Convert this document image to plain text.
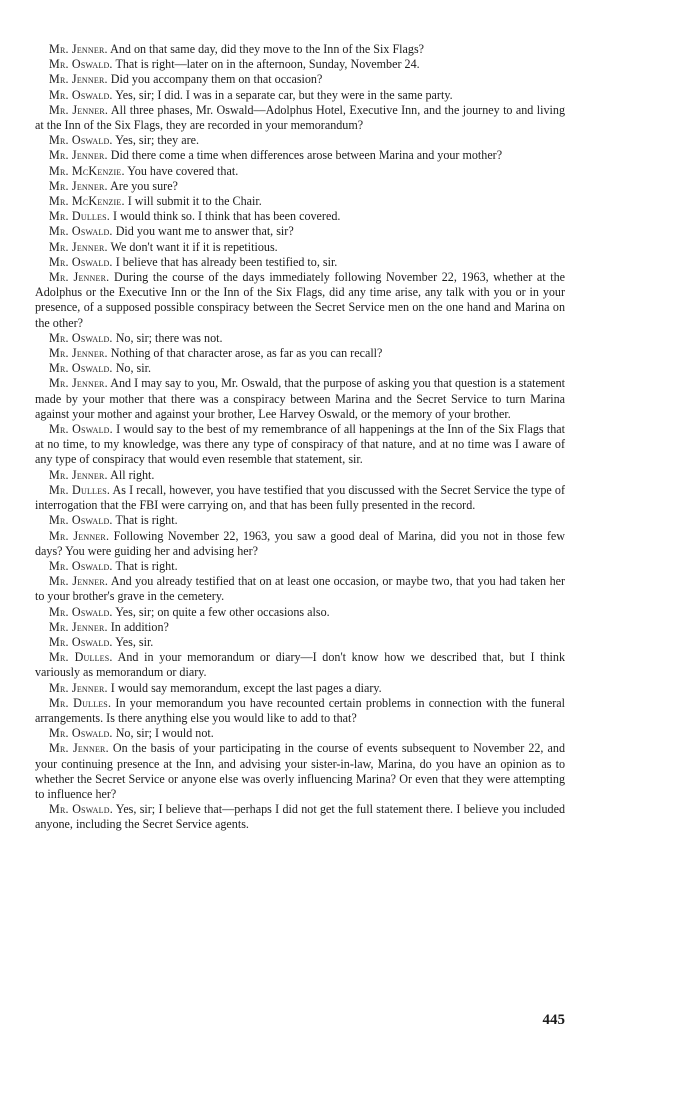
Mr. Jenner. And on that same day, did they move to the Inn of the Six Flags?

Mr. Oswald. That is right—later on in the afternoon, Sunday, November 24.

Mr. Jenner. Did you accompany them on that occasion?

Mr. Oswald. Yes, sir; I did. I was in a separate car, but they were in the same party.

Mr. Jenner. All three phases, Mr. Oswald—Adolphus Hotel, Executive Inn, and the journey to and living at the Inn of the Six Flags, they are recorded in your memorandum?

Mr. Oswald. Yes, sir; they are.

Mr. Jenner. Did there come a time when differences arose between Marina and your mother?

Mr. McKenzie. You have covered that.

Mr. Jenner. Are you sure?

Mr. McKenzie. I will submit it to the Chair.

Mr. Dulles. I would think so. I think that has been covered.

Mr. Oswald. Did you want me to answer that, sir?

Mr. Jenner. We don't want it if it is repetitious.

Mr. Oswald. I believe that has already been testified to, sir.

Mr. Jenner. During the course of the days immediately following November 22, 1963, whether at the Adolphus or the Executive Inn or the Inn of the Six Flags, did any time arise, any talk with you or in your presence, of a supposed possible conspiracy between the Secret Service men on the one hand and Marina on the other?

Mr. Oswald. No, sir; there was not.

Mr. Jenner. Nothing of that character arose, as far as you can recall?

Mr. Oswald. No, sir.

Mr. Jenner. And I may say to you, Mr. Oswald, that the purpose of asking you that question is a statement made by your mother that there was a conspiracy between Marina and the Secret Service to turn Marina against your mother and against your brother, Lee Harvey Oswald, or the memory of your brother.

Mr. Oswald. I would say to the best of my remembrance of all happenings at the Inn of the Six Flags that at no time, to my knowledge, was there any type of conspiracy of that nature, and at no time was I aware of any type of conspiracy that would even resemble that statement, sir.

Mr. Jenner. All right.

Mr. Dulles. As I recall, however, you have testified that you discussed with the Secret Service the type of interrogation that the FBI were carrying on, and that has been fully presented in the record.

Mr. Oswald. That is right.

Mr. Jenner. Following November 22, 1963, you saw a good deal of Marina, did you not in those few days? You were guiding her and advising her?

Mr. Oswald. That is right.

Mr. Jenner. And you already testified that on at least one occasion, or maybe two, that you had taken her to your brother's grave in the cemetery.

Mr. Oswald. Yes, sir; on quite a few other occasions also.

Mr. Jenner. In addition?

Mr. Oswald. Yes, sir.

Mr. Dulles. And in your memorandum or diary—I don't know how we described that, but I think variously as memorandum or diary.

Mr. Jenner. I would say memorandum, except the last pages a diary.

Mr. Dulles. In your memorandum you have recounted certain problems in connection with the funeral arrangements. Is there anything else you would like to add to that?

Mr. Oswald. No, sir; I would not.

Mr. Jenner. On the basis of your participating in the course of events subsequent to November 22, and your continuing presence at the Inn, and advising your sister-in-law, Marina, do you have an opinion as to whether the Secret Service or anyone else was overly influencing Marina? Or even that they were attempting to influence her?

Mr. Oswald. Yes, sir; I believe that—perhaps I did not get the full statement there. I believe you included anyone, including the Secret Service agents.

445
